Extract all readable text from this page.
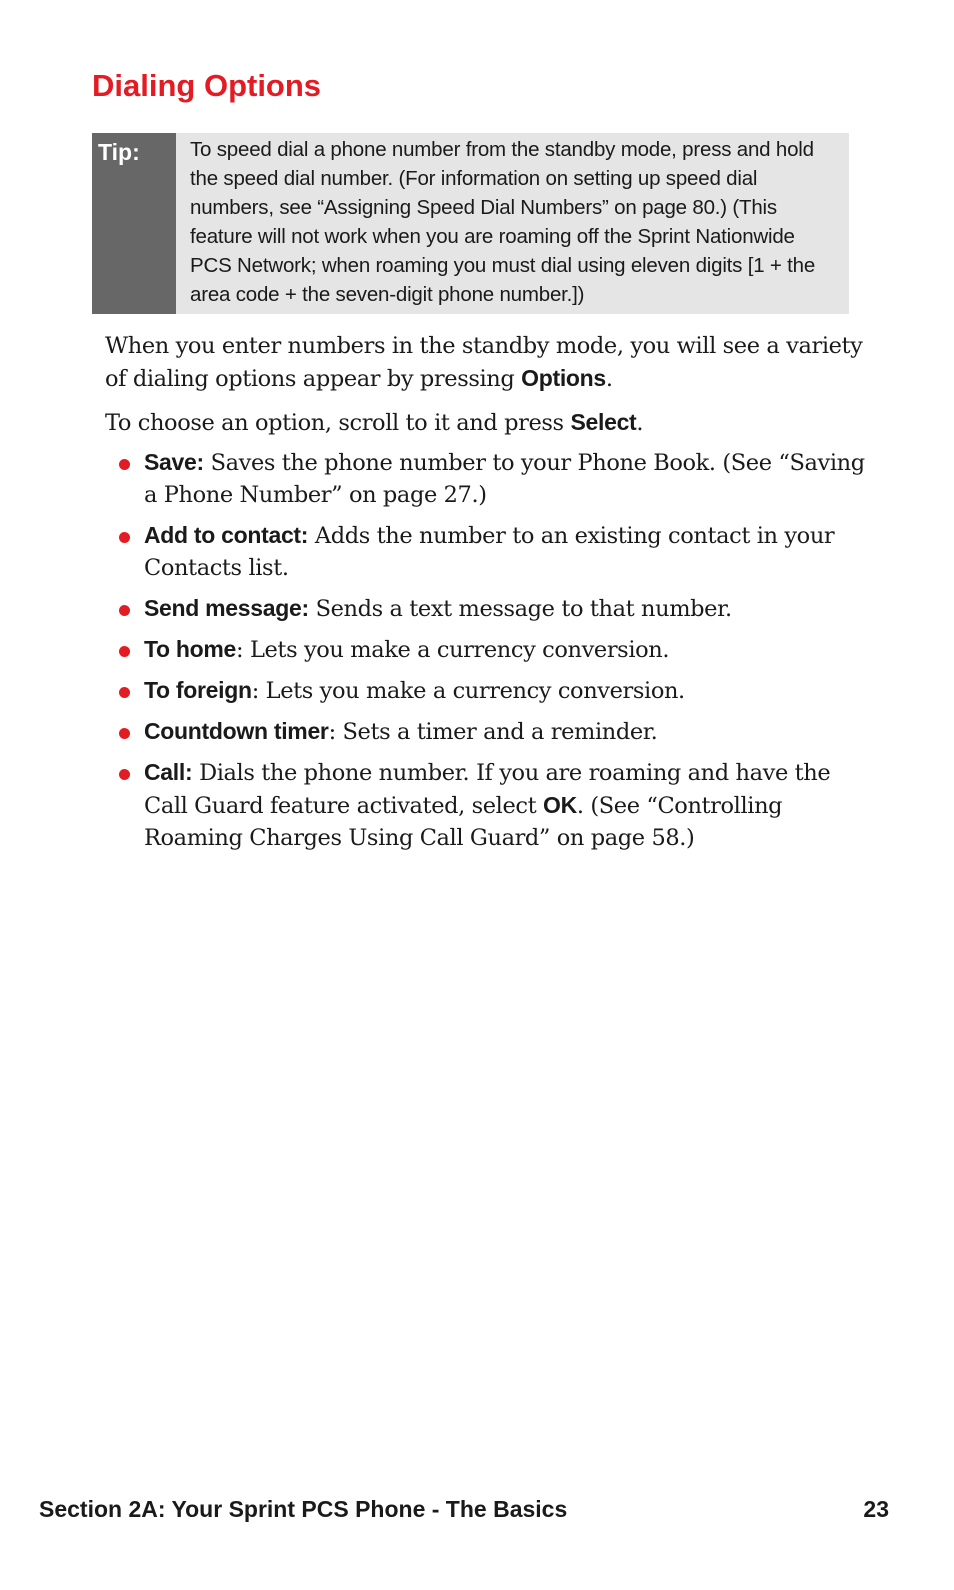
Dialing Options
Tip:	To speed dial a phone number from the standby mode, press and hold the speed dial number. (For information on setting up speed dial numbers, see “Assigning Speed Dial Numbers” on page 80.) (This feature will not work when you are roaming off the Sprint Nationwide PCS Network; when roaming you must dial using eleven digits [1 + the area code + the seven-digit phone number.])

When you enter numbers in the standby mode, you will see a variety of dialing options appear by pressing Options.

To choose an option, scroll to it and press Select.

Save: Saves the phone number to your Phone Book. (See “Saving a Phone Number” on page 27.)
Add to contact: Adds the number to an existing contact in your Contacts list.
Send message: Sends a text message to that number.
To home: Lets you make a currency conversion.
To foreign: Lets you make a currency conversion.
Countdown timer: Sets a timer and a reminder.
Call: Dials the phone number. If you are roaming and have the Call Guard feature activated, select OK. (See “Controlling Roaming Charges Using Call Guard” on page 58.)
Section 2A: Your Sprint PCS Phone - The Basics	23
